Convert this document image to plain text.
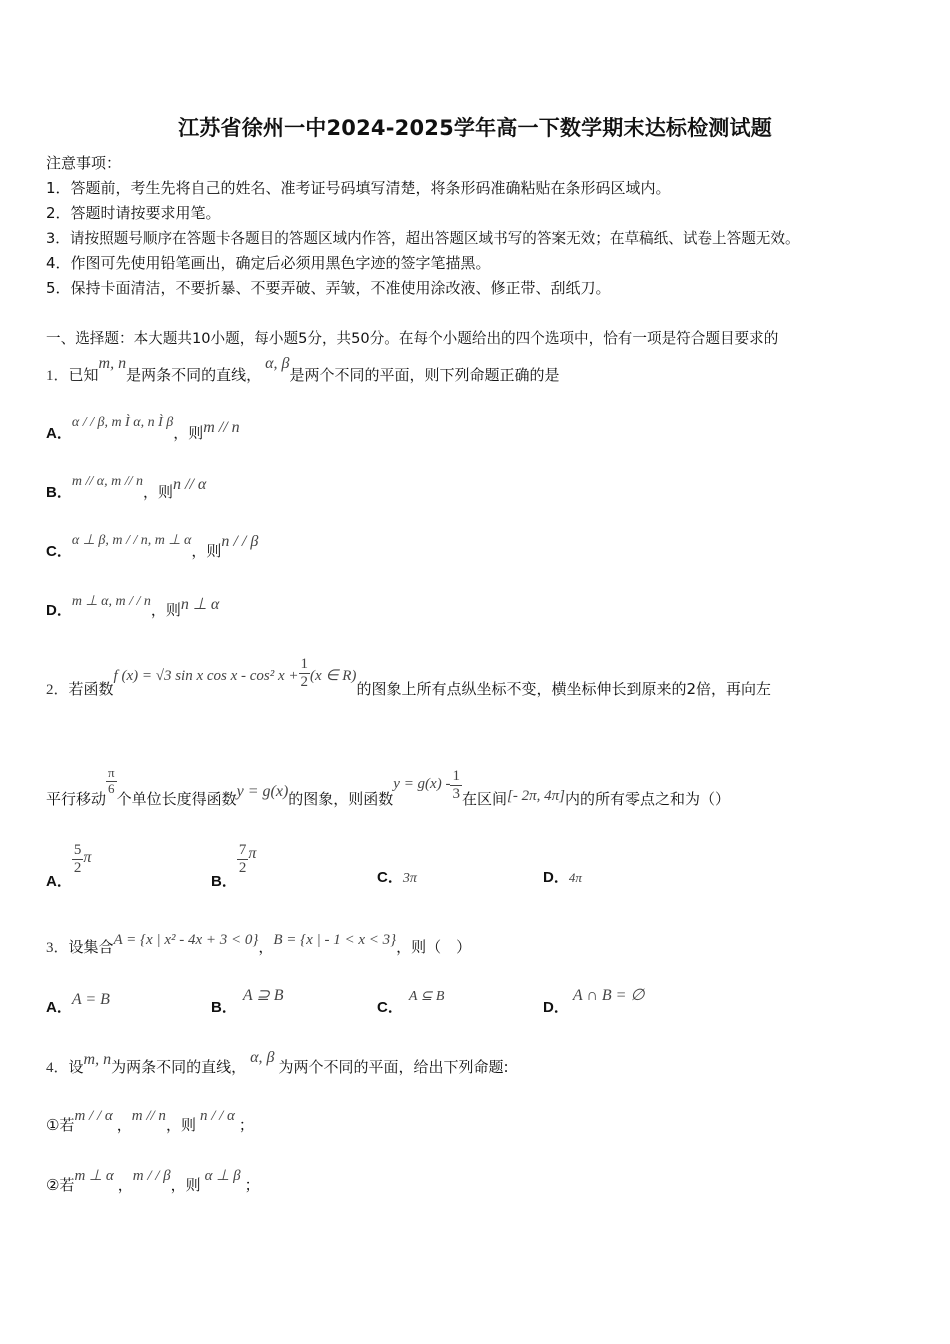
江苏省徐州一中2024-2025学年高一下数学期末达标检测试题
注意事项：
1．答题前，考生先将自己的姓名、准考证号码填写清楚，将条形码准确粘贴在条形码区域内。
2．答题时请按要求用笔。
3．请按照题号顺序在答题卡各题目的答题区域内作答，超出答题区域书写的答案无效；在草稿纸、试卷上答题无效。
4．作图可先使用铅笔画出，确定后必须用黑色字迹的签字笔描黑。
5．保持卡面清洁，不要折暴、不要弄破、弄皱，不准使用涂改液、修正带、刮纸刀。
一、选择题：本大题共10小题，每小题5分，共50分。在每个小题给出的四个选项中，恰有一项是符合题目要求的
1．已知m, n是两条不同的直线，α, β是两个不同的平面，则下列命题正确的是
A．α / / β, m Ì α, n Ì β，则m // n
B．m // α, m // n，则n // α
C．α ⊥ β, m / / n, m ⊥ α，则n / / β
D．m ⊥ α, m / / n，则n ⊥ α
2．若函数f (x) = √3 sin x cos x - cos² $x + \frac{1}{2} (x$ ∈ R)的图象上所有点纵坐标不变，横坐标伸长到原来的2倍，再向左
平行移动
$\frac{\pi}{6}$
个单位长度得函数y = g(x)的图象，则函数$y = g(x) - \frac{1}{3}$ 在区间[- 2π, 4π]内的所有零点之和为（）
A．
$\frac{5}{2}$ π
B．
$\frac{7}{2}$ π
C．3π	D．4π
3．设集合A = {x | x² - 4x + 3 < 0}，B = {x | - 1 < x < 3}，则（　）
A．A = B	B．A ⊇ B
C．A ⊆ B
D．A ∩ B = ∅
4．设m, n为两条不同的直线，α, β为两个不同的平面，给出下列命题:
①若m / / α ，m // n，则 n / / α ；
②若m ⊥ α ，m / / β，则 α ⊥ β ；
